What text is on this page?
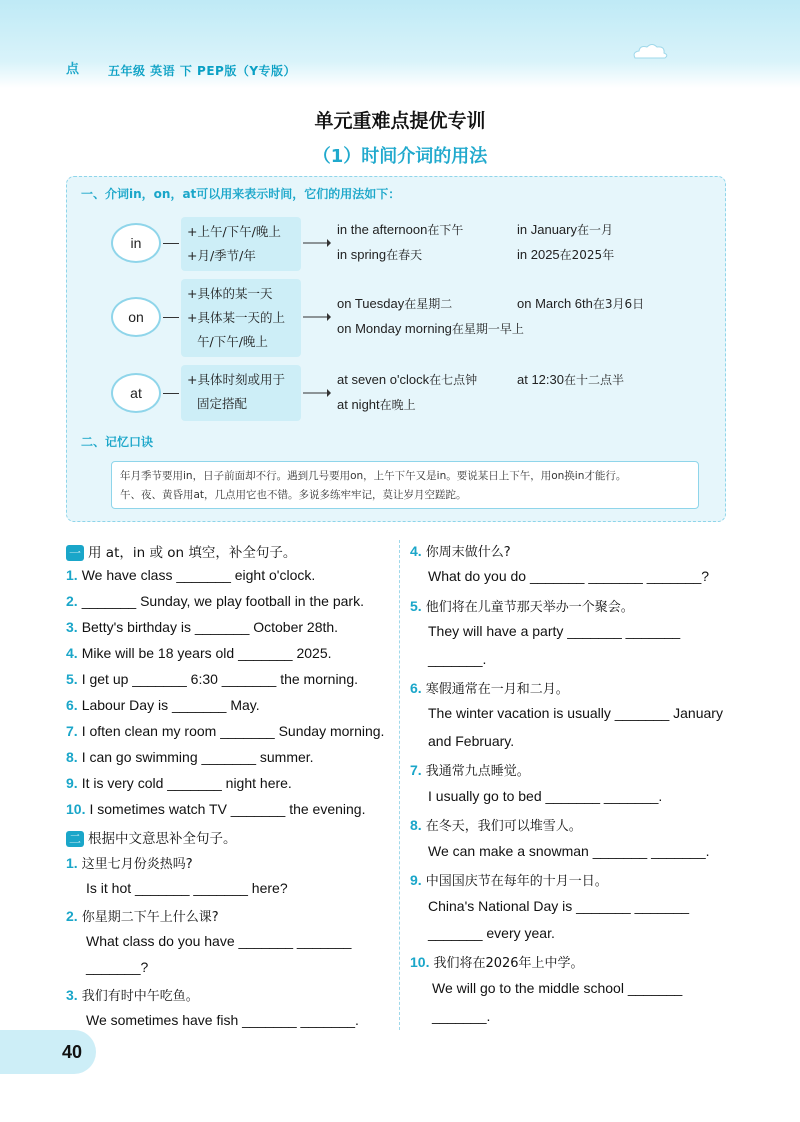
点 五年级 英语 下 PEP版（Y专版）
单元重难点提优专训
（1）时间介词的用法
一、介词in，on，at可以用来表示时间，它们的用法如下：
in
+上午/下午/晚上
+月/季节/年
in the afternoon在下午	in January在一月
in spring在春天	in 2025在2025年
on
+具体的某一天
+具体某一天的上
午/下午/晚上
on Tuesday在星期二	on March 6th在3月6日
on Monday morning在星期一早上
at
+具体时刻或用于
固定搭配
at seven o'clock在七点钟	at 12:30在十二点半
at night在晚上
二、记忆口诀
年月季节要用in，日子前面却不行。遇到几号要用on，上午下午又是in。要说某日上下午，用on换in才能行。
午、夜、黄昏用at，几点用它也不错。多说多练牢牢记，莫让岁月空蹉跎。
一 用 at，in 或 on 填空，补全句子。
1. We have class _______ eight o'clock.
2. _______ Sunday, we play football in the park.
3. Betty's birthday is _______ October 28th.
4. Mike will be 18 years old _______ 2025.
5. I get up _______ 6:30 _______ the morning.
6. Labour Day is _______ May.
7. I often clean my room _______ Sunday morning.
8. I can go swimming _______ summer.
9. It is very cold _______ night here.
10. I sometimes watch TV _______ the evening.
二 根据中文意思补全句子。
1. 这里七月份炎热吗?
Is it hot _______ _______ here?
2. 你星期二下午上什么课?
What class do you have _______ _______
_______?
3. 我们有时中午吃鱼。
We sometimes have fish _______ _______.
4. 你周末做什么?
What do you do _______ _______ _______?
5. 他们将在儿童节那天举办一个聚会。
They will have a party _______ _______
_______.
6. 寒假通常在一月和二月。
The winter vacation is usually _______ January
and February.
7. 我通常九点睡觉。
I usually go to bed _______ _______.
8. 在冬天，我们可以堆雪人。
We can make a snowman _______ _______.
9. 中国国庆节在每年的十月一日。
China's National Day is _______ _______
_______ every year.
10. 我们将在2026年上中学。
We will go to the middle school _______
_______.
40
